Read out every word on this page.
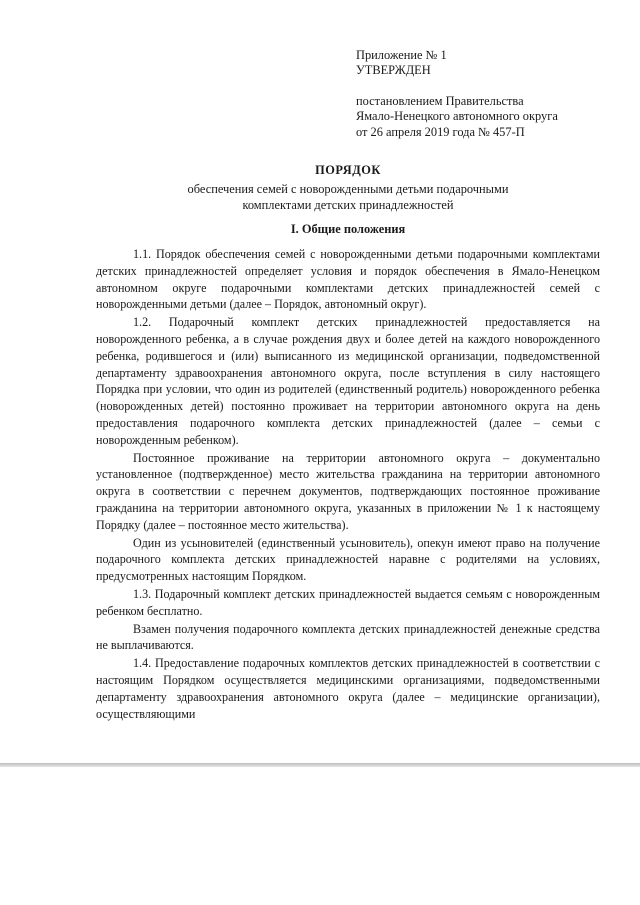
Приложение № 1
УТВЕРЖДЕН
постановлением Правительства
Ямало-Ненецкого автономного округа
от 26 апреля 2019 года № 457-П
ПОРЯДОК
обеспечения семей с новорожденными детьми подарочными
комплектами детских принадлежностей
I. Общие положения

1.1. Порядок обеспечения семей с новорожденными детьми подарочными комплектами детских принадлежностей определяет условия и порядок обеспечения в Ямало-Ненецком автономном округе подарочными комплектами детских принадлежностей семей с новорожденными детьми (далее – Порядок, автономный округ).

1.2. Подарочный комплект детских принадлежностей предоставляется на новорожденного ребенка, а в случае рождения двух и более детей на каждого новорожденного ребенка, родившегося и (или) выписанного из медицинской организации, подведомственной департаменту здравоохранения автономного округа, после вступления в силу настоящего Порядка при условии, что один из родителей (единственный родитель) новорожденного ребенка (новорожденных детей) постоянно проживает на территории автономного округа на день предоставления подарочного комплекта детских принадлежностей (далее – семьи с новорожденным ребенком).

Постоянное проживание на территории автономного округа – документально установленное (подтвержденное) место жительства гражданина на территории автономного округа в соответствии с перечнем документов, подтверждающих постоянное проживание гражданина на территории автономного округа, указанных в приложении № 1 к настоящему Порядку (далее – постоянное место жительства).

Один из усыновителей (единственный усыновитель), опекун имеют право на получение подарочного комплекта детских принадлежностей наравне с родителями на условиях, предусмотренных настоящим Порядком.

1.3. Подарочный комплект детских принадлежностей выдается семьям с новорожденным ребенком бесплатно.

Взамен получения подарочного комплекта детских принадлежностей денежные средства не выплачиваются.

1.4. Предоставление подарочных комплектов детских принадлежностей в соответствии с настоящим Порядком осуществляется медицинскими организациями, подведомственными департаменту здравоохранения автономного округа (далее – медицинские организации), осуществляющими
